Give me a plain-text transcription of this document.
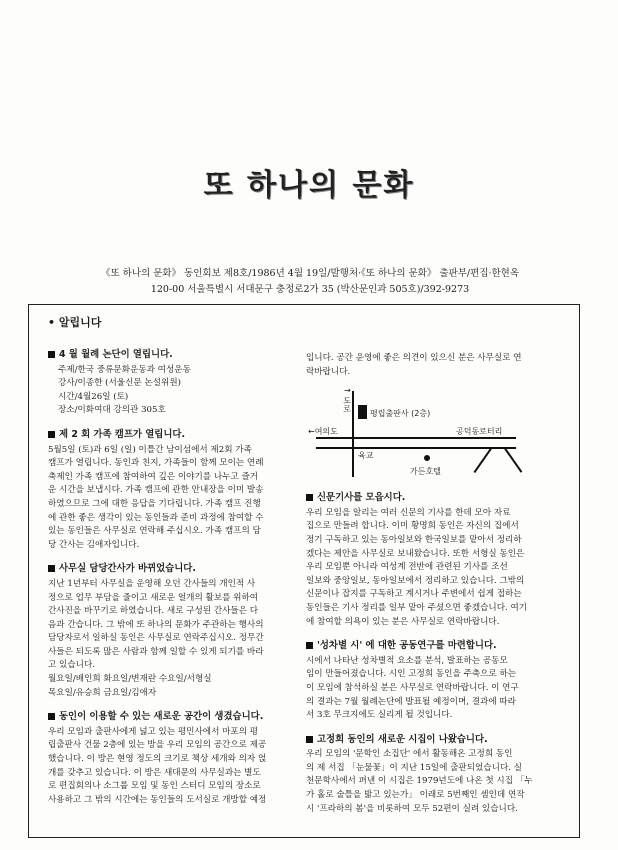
또 하나의 문화
《또 하나의 문화》 동인회보 제8호/1986년 4월 19일/발행처·《또 하나의 문화》 출판부/편집·한현옥
120-00 서울특별시 서대문구 충정로2가 35 (박산문인과 505호)/392-9273
• 알립니다
4 월 월례 논단이 열립니다.
주제/한국 중류문화운동과 여성운동
강사/이종한 (서울신문 논설위원)
시간/4월26일 (토)
장소/이화여대 강의관 305호
제 2 회 가족 캠프가 열립니다.
5월5일 (토)과 6일 (일) 이틀간 남이섬에서 제2회 가족
캠프가 열립니다. 동인과 친지, 가족들이 함께 모이는 연례
축제인 가족 캠프에 참여하여 깊은 이야기를 나누고 즐거
운 시간을 보냅시다. 가족 캠프에 관한 안내장을 이미 발송
하였으므로 그에 대한 응답을 기다립니다. 가족 캠프 진행
에 관한 좋은 생각이 있는 동인들과 준비 과정에 참여할 수
있는 동인들은 사무실로 연락해 주십시오. 가족 캠프의 담
당 간사는 김애자입니다.
사무실 담당간사가 바뀌었습니다.
지난 1년부터 사무실을 운영해 오던 간사들의 개인적 사
정으로 업무 부담을 줄이고 새로운 얼개의 활보를 위하여
간사진을 바꾸기로 하였습니다. 새로 구성된 간사들은 다
음과 간습니다. 그 밖에 또 하나의 문화가 주관하는 행사의
담당자로서 일하실 동인은 사무실로 연락주십시오. 정무간
사들은 되도록 많은 사람과 함께 일할 수 있게 되기를 바라
고 있습니다.
월요일/배인희 화요일/변재란 수요일/서형실
목요일/유승희 금요일/김애자
동인이 이용할 수 있는 새로운 공간이 생겼습니다.
우리 모임과 출판사에게 넓고 있는 평민사에서 마포의 평
립출판사 건물 2층에 있는 방을 우리 모임의 공간으로 제공
했습니다. 이 방은 현영 정도의 크기로 책상 세개와 의자 얹
개를 갖추고 있습니다. 이 방은 새대문의 사무실과는 별도
로 편집회의나 소그룹 모임 및 동인 스터디 모임의 장소로
사용하고 그 밖의 시간에는 동인들의 도서실로 개방할 예정
입니다. 공간 운영에 좋은 의견이 있으신 분은 사무실로 연
락바랍니다.
↑ 도로
평립출판사 (2층)
←여의도	공덕동로터리
육교
가든호텔
신문기사를 모읍시다.
우리 모임을 알리는 여러 신문의 기사를 한데 모아 자료
집으로 만들려 합니다. 이미 황명희 동인은 자신의 집에서
정기 구독하고 있는 동아일보와 한국일보를 맡아서 정리하
겠다는 제안을 사무실로 보내왔습니다. 또한 서형실 동인은
우리 모임뿐 아니라 여성계 전반에 관련된 기사를 조선
일보와 중앙일보, 동아일보에서 정리하고 있습니다. 그밖의
신문이나 잡지를 구독하고 계시거나 주변에서 쉽게 접하는
동인들은 기사 정리를 일부 맡아 주셨으면 좋겠습니다. 여기
에 참여할 의욕이 있는 분은 사무실로 연락바랍니다.
'성차별 시' 에 대한 공동연구를 마련합니다.
시에서 나타난 성차별적 요소를 분석, 발표하는 공동모
임이 만들어졌습니다. 시인 고정희 동인을 주축으로 하는
이 모임에 참석하실 분은 사무실로 연락바랍니다. 이 연구
의 결과는 7월 월례논단에 발표될 예정이며, 결과에 따라
서 3호 무크지에도 실리게 될 것입니다.
고정희 동인의 새로운 시집이 나왔습니다.
우리 모임의 '문학인 소집단' 에서 활동해온 고정희 동인
의 제 서집 「눈물꽃」이 지난 15일에 출판되었습니다. 실
천문학사에서 펴낸 이 시집은 1979년도에 나온 첫 시집 「누
가 홀로 술틀을 밟고 있는가」 이래로 5번째인 셈인데 연작
시 '프라하의 봄'을 비롯하여 모두 52편이 실려 있습니다.
